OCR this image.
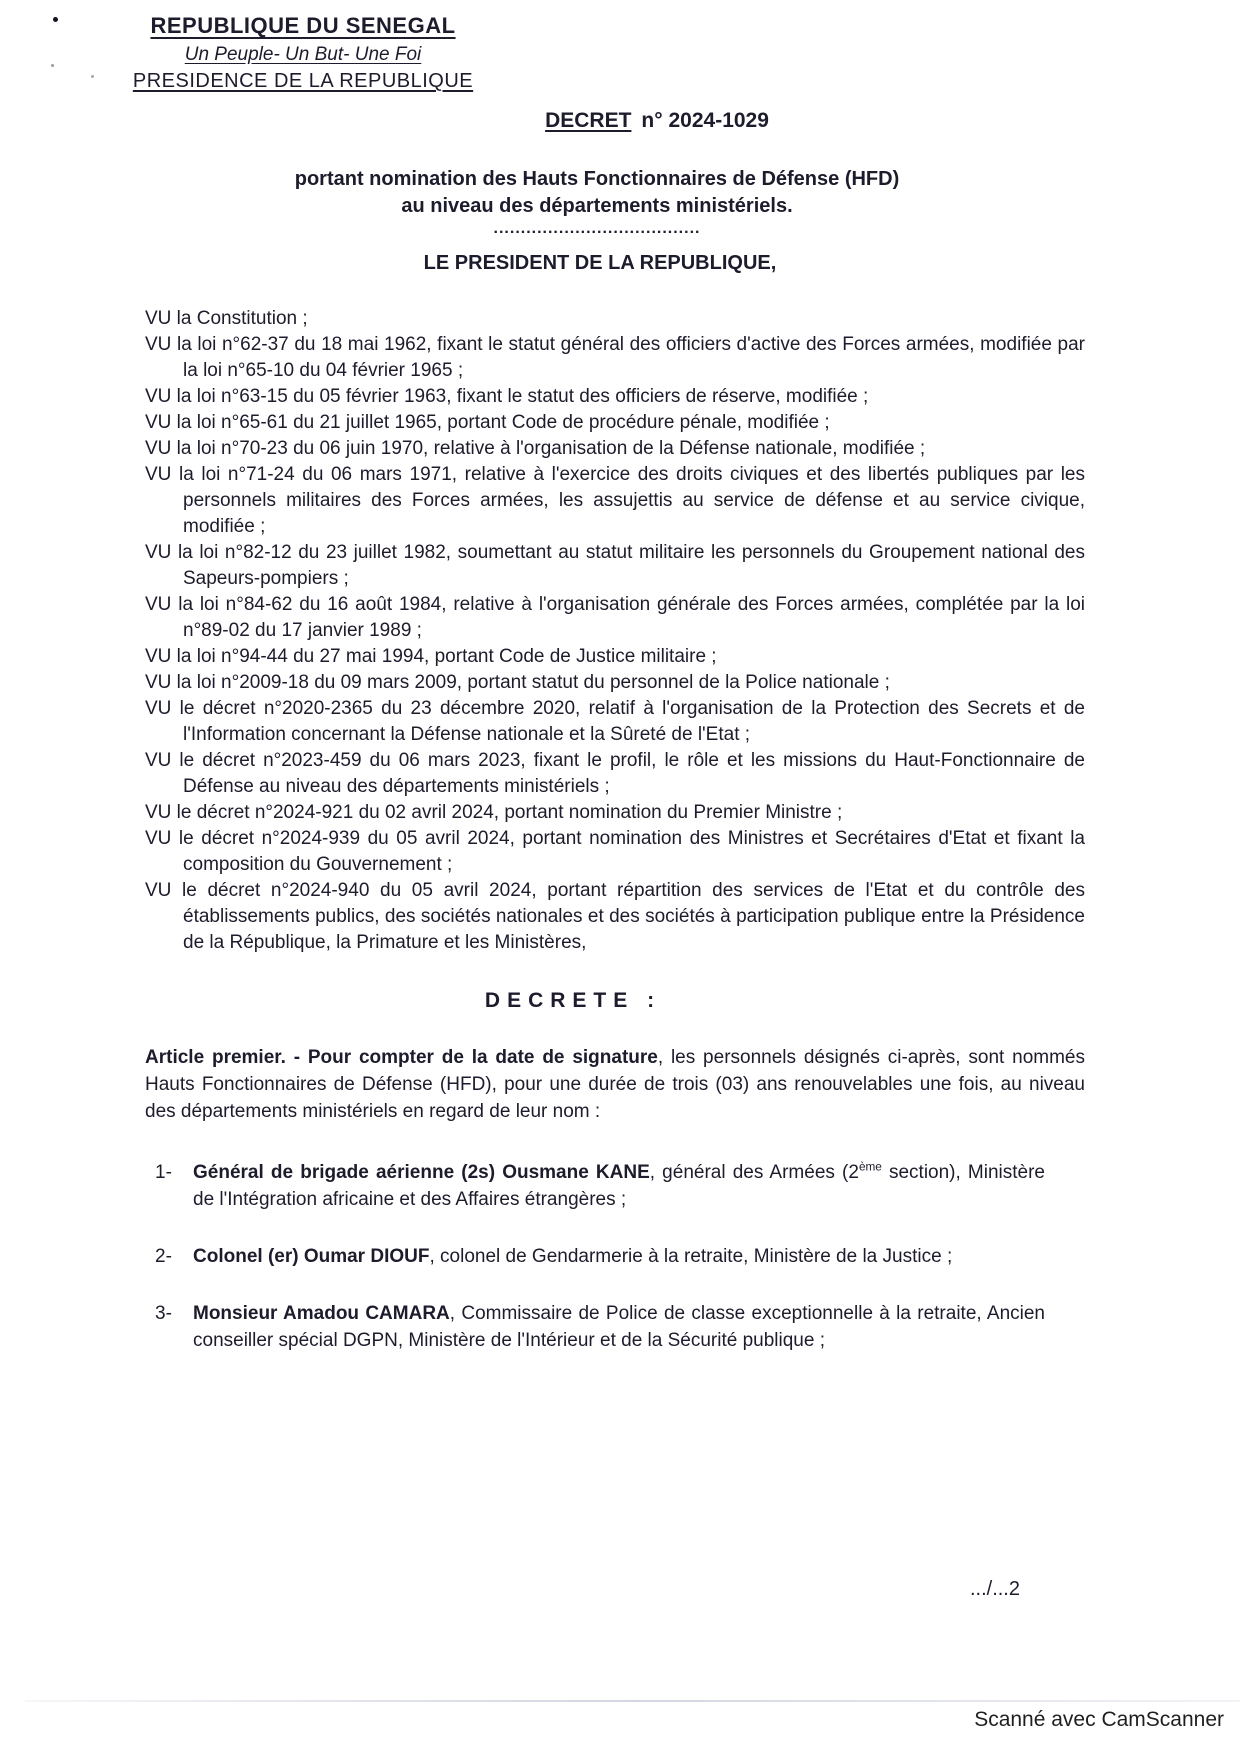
REPUBLIQUE DU SENEGAL
Un Peuple- Un But- Une Foi
PRESIDENCE DE LA REPUBLIQUE
DECRET n° 2024-1029
portant nomination des Hauts Fonctionnaires de Défense (HFD)
au niveau des départements ministériels.
......................................
LE PRESIDENT DE LA REPUBLIQUE,
VU la Constitution ;
VU la loi n°62-37 du 18 mai 1962, fixant le statut général des officiers d'active des Forces armées, modifiée par la loi n°65-10 du 04 février 1965 ;
VU la loi n°63-15 du 05 février 1963, fixant le statut des officiers de réserve, modifiée ;
VU la loi n°65-61 du 21 juillet 1965, portant Code de procédure pénale, modifiée ;
VU la loi n°70-23 du 06 juin 1970, relative à l'organisation de la Défense nationale, modifiée ;
VU la loi n°71-24 du 06 mars 1971, relative à l'exercice des droits civiques et des libertés publiques par les personnels militaires des Forces armées, les assujettis au service de défense et au service civique, modifiée ;
VU la loi n°82-12 du 23 juillet 1982, soumettant au statut militaire les personnels du Groupement national des Sapeurs-pompiers ;
VU la loi n°84-62 du 16 août 1984, relative à l'organisation générale des Forces armées, complétée par la loi n°89-02 du 17 janvier 1989 ;
VU la loi n°94-44 du 27 mai 1994, portant Code de Justice militaire ;
VU la loi n°2009-18 du 09 mars 2009, portant statut du personnel de la Police nationale ;
VU le décret n°2020-2365 du 23 décembre 2020, relatif à l'organisation de la Protection des Secrets et de l'Information concernant la Défense nationale et la Sûreté de l'Etat ;
VU le décret n°2023-459 du 06 mars 2023, fixant le profil, le rôle et les missions du Haut-Fonctionnaire de Défense au niveau des départements ministériels ;
VU le décret n°2024-921 du 02 avril 2024, portant nomination du Premier Ministre ;
VU le décret n°2024-939 du 05 avril 2024, portant nomination des Ministres et Secrétaires d'Etat et fixant la composition du Gouvernement ;
VU le décret n°2024-940 du 05 avril 2024, portant répartition des services de l'Etat et du contrôle des établissements publics, des sociétés nationales et des sociétés à participation publique entre la Présidence de la République, la Primature et les Ministères,
DECRETE :

Article premier. - Pour compter de la date de signature, les personnels désignés ci-après, sont nommés Hauts Fonctionnaires de Défense (HFD), pour une durée de trois (03) ans renouvelables une fois, au niveau des départements ministériels en regard de leur nom :

1-	Général de brigade aérienne (2s) Ousmane KANE, général des Armées (2ème section), Ministère de l'Intégration africaine et des Affaires étrangères ;
2-	Colonel (er) Oumar DIOUF, colonel de Gendarmerie à la retraite, Ministère de la Justice ;
3-	Monsieur Amadou CAMARA, Commissaire de Police de classe exceptionnelle à la retraite, Ancien conseiller spécial DGPN, Ministère de l'Intérieur et de la Sécurité publique ;
.../...2
Scanné avec CamScanner
